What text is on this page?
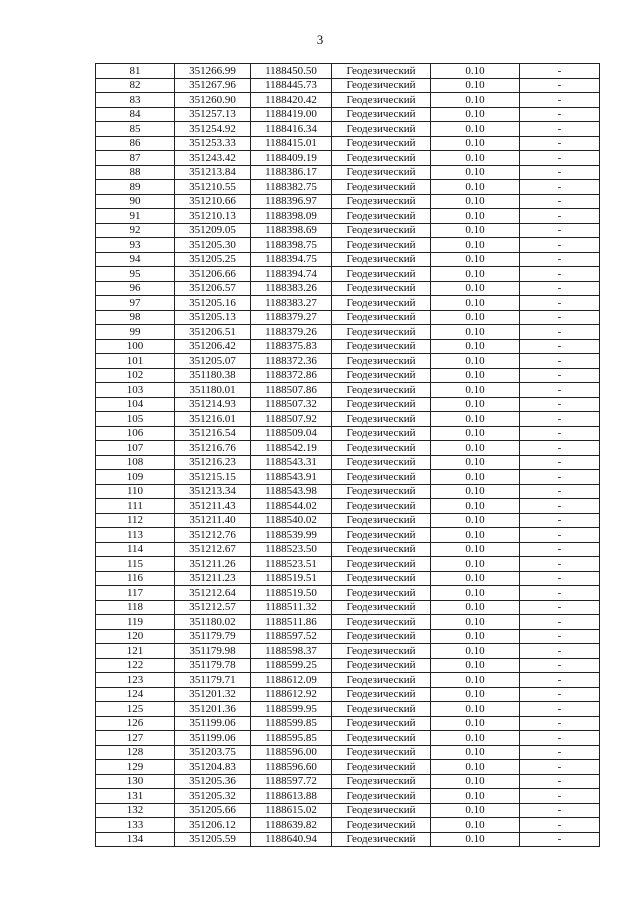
3
81	351266.99	1188450.50	Геодезический	0.10	-
82	351267.96	1188445.73	Геодезический	0.10	-
83	351260.90	1188420.42	Геодезический	0.10	-
84	351257.13	1188419.00	Геодезический	0.10	-
85	351254.92	1188416.34	Геодезический	0.10	-
86	351253.33	1188415.01	Геодезический	0.10	-
87	351243.42	1188409.19	Геодезический	0.10	-
88	351213.84	1188386.17	Геодезический	0.10	-
89	351210.55	1188382.75	Геодезический	0.10	-
90	351210.66	1188396.97	Геодезический	0.10	-
91	351210.13	1188398.09	Геодезический	0.10	-
92	351209.05	1188398.69	Геодезический	0.10	-
93	351205.30	1188398.75	Геодезический	0.10	-
94	351205.25	1188394.75	Геодезический	0.10	-
95	351206.66	1188394.74	Геодезический	0.10	-
96	351206.57	1188383.26	Геодезический	0.10	-
97	351205.16	1188383.27	Геодезический	0.10	-
98	351205.13	1188379.27	Геодезический	0.10	-
99	351206.51	1188379.26	Геодезический	0.10	-
100	351206.42	1188375.83	Геодезический	0.10	-
101	351205.07	1188372.36	Геодезический	0.10	-
102	351180.38	1188372.86	Геодезический	0.10	-
103	351180.01	1188507.86	Геодезический	0.10	-
104	351214.93	1188507.32	Геодезический	0.10	-
105	351216.01	1188507.92	Геодезический	0.10	-
106	351216.54	1188509.04	Геодезический	0.10	-
107	351216.76	1188542.19	Геодезический	0.10	-
108	351216.23	1188543.31	Геодезический	0.10	-
109	351215.15	1188543.91	Геодезический	0.10	-
110	351213.34	1188543.98	Геодезический	0.10	-
111	351211.43	1188544.02	Геодезический	0.10	-
112	351211.40	1188540.02	Геодезический	0.10	-
113	351212.76	1188539.99	Геодезический	0.10	-
114	351212.67	1188523.50	Геодезический	0.10	-
115	351211.26	1188523.51	Геодезический	0.10	-
116	351211.23	1188519.51	Геодезический	0.10	-
117	351212.64	1188519.50	Геодезический	0.10	-
118	351212.57	1188511.32	Геодезический	0.10	-
119	351180.02	1188511.86	Геодезический	0.10	-
120	351179.79	1188597.52	Геодезический	0.10	-
121	351179.98	1188598.37	Геодезический	0.10	-
122	351179.78	1188599.25	Геодезический	0.10	-
123	351179.71	1188612.09	Геодезический	0.10	-
124	351201.32	1188612.92	Геодезический	0.10	-
125	351201.36	1188599.95	Геодезический	0.10	-
126	351199.06	1188599.85	Геодезический	0.10	-
127	351199.06	1188595.85	Геодезический	0.10	-
128	351203.75	1188596.00	Геодезический	0.10	-
129	351204.83	1188596.60	Геодезический	0.10	-
130	351205.36	1188597.72	Геодезический	0.10	-
131	351205.32	1188613.88	Геодезический	0.10	-
132	351205.66	1188615.02	Геодезический	0.10	-
133	351206.12	1188639.82	Геодезический	0.10	-
134	351205.59	1188640.94	Геодезический	0.10	-
